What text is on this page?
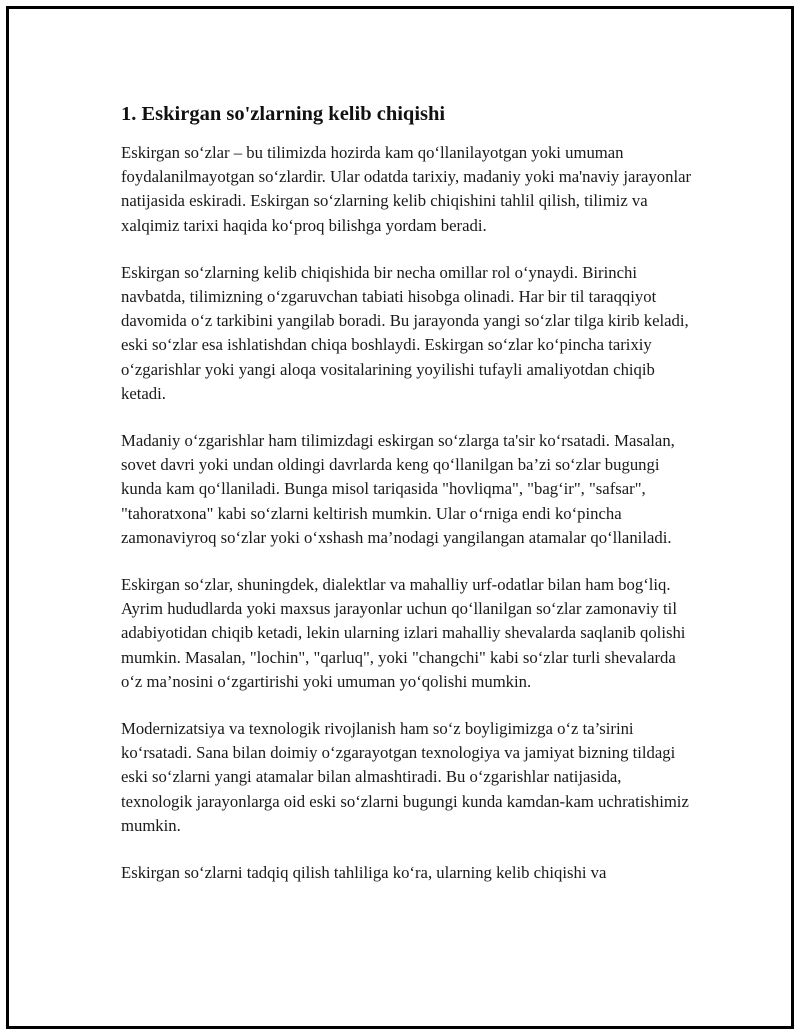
1. Eskirgan so'zlarning kelib chiqishi

Eskirgan so‘zlar – bu tilimizda hozirda kam qo‘llanilayotgan yoki umuman foydalanilmayotgan so‘zlardir. Ular odatda tarixiy, madaniy yoki ma'naviy jarayonlar natijasida eskiradi. Eskirgan so‘zlarning kelib chiqishini tahlil qilish, tilimiz va xalqimiz tarixi haqida ko‘proq bilishga yordam beradi.

Eskirgan so‘zlarning kelib chiqishida bir necha omillar rol o‘ynaydi. Birinchi navbatda, tilimizning o‘zgaruvchan tabiati hisobga olinadi. Har bir til taraqqiyot davomida o‘z tarkibini yangilab boradi. Bu jarayonda yangi so‘zlar tilga kirib keladi, eski so‘zlar esa ishlatishdan chiqa boshlaydi. Eskirgan so‘zlar ko‘pincha tarixiy o‘zgarishlar yoki yangi aloqa vositalarining yoyilishi tufayli amaliyotdan chiqib ketadi.

Madaniy o‘zgarishlar ham tilimizdagi eskirgan so‘zlarga ta'sir ko‘rsatadi. Masalan, sovet davri yoki undan oldingi davrlarda keng qo‘llanilgan ba’zi so‘zlar bugungi kunda kam qo‘llaniladi. Bunga misol tariqasida "hovliqma", "bag‘ir", "safsar", "tahoratxona" kabi so‘zlarni keltirish mumkin. Ular o‘rniga endi ko‘pincha zamonaviyroq so‘zlar yoki o‘xshash ma’nodagi yangilangan atamalar qo‘llaniladi.

Eskirgan so‘zlar, shuningdek, dialektlar va mahalliy urf-odatlar bilan ham bog‘liq. Ayrim hududlarda yoki maxsus jarayonlar uchun qo‘llanilgan so‘zlar zamonaviy til adabiyotidan chiqib ketadi, lekin ularning izlari mahalliy shevalarda saqlanib qolishi mumkin. Masalan, "lochin", "qarluq", yoki "changchi" kabi so‘zlar turli shevalarda o‘z ma’nosini o‘zgartirishi yoki umuman yo‘qolishi mumkin.

Modernizatsiya va texnologik rivojlanish ham so‘z boyligimizga o‘z ta’sirini ko‘rsatadi. Sana bilan doimiy o‘zgarayotgan texnologiya va jamiyat bizning tildagi eski so‘zlarni yangi atamalar bilan almashtiradi. Bu o‘zgarishlar natijasida, texnologik jarayonlarga oid eski so‘zlarni bugungi kunda kamdan-kam uchratishimiz mumkin.

Eskirgan so‘zlarni tadqiq qilish tahliliga ko‘ra, ularning kelib chiqishi va
